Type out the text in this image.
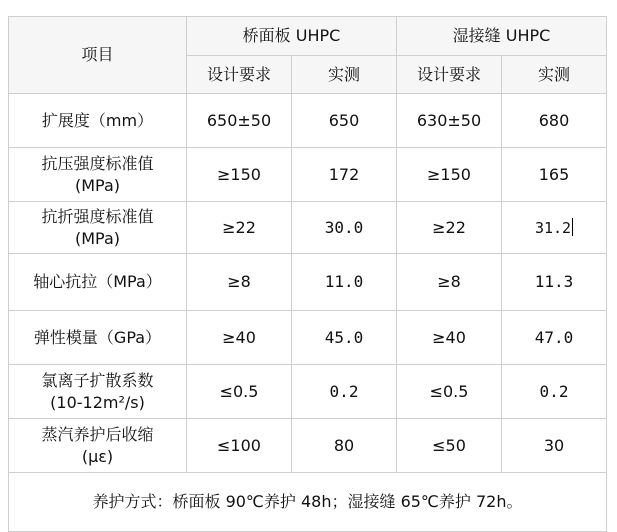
项目	桥面板 UHPC		湿接缝 UHPC	
	设计要求	实测	设计要求	实测

扩展度（mm）	650±50	650	630±50	680

抗压强度标准值
(MPa)	≥150	172	≥150	165

抗折强度标准值
(MPa)	≥22	30.0	≥22	31.2

轴心抗拉（MPa）	≥8	11.0	≥8	11.3

弹性模量（GPa）	≥40	45.0	≥40	47.0

氯离子扩散系数
(10-12m²/s)	≤0.5	0.2	≤0.5	0.2

蒸汽养护后收缩
(με)	≤100	80	≤50	30
养护方式：桥面板 90℃养护 48h；湿接缝 65℃养护 72h。				
